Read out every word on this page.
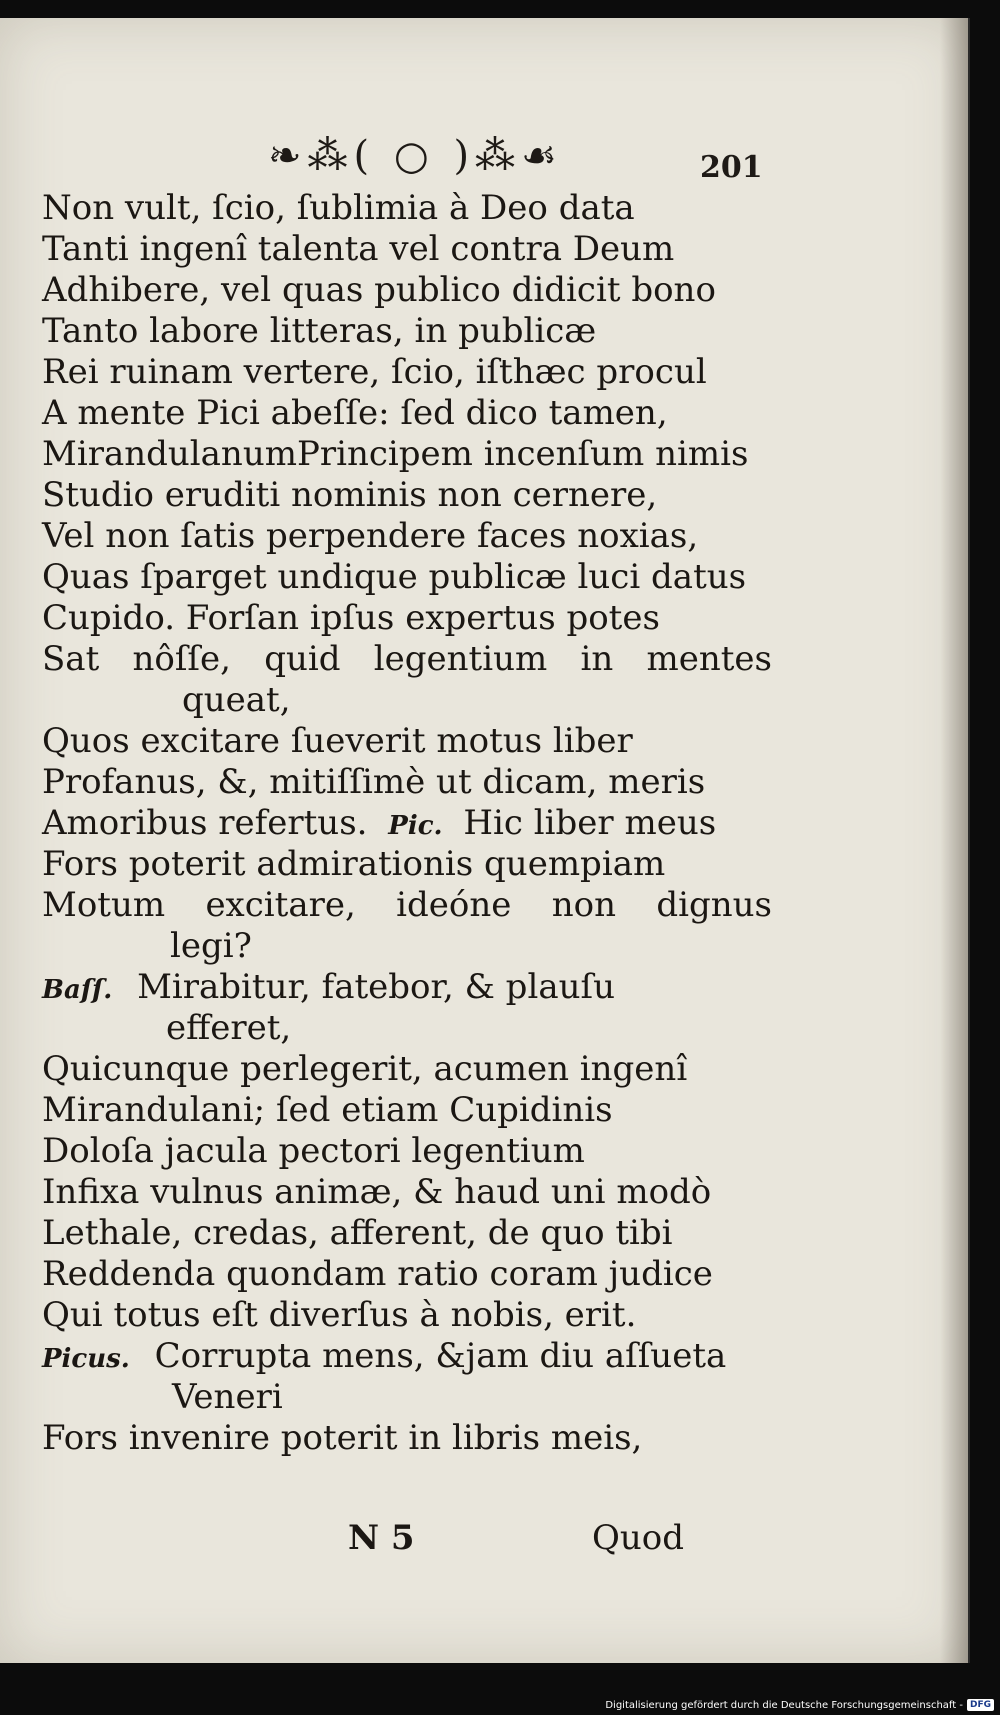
❧⁂( ○ )⁂☙	201
Non vult, ſcio, ſublimia à Deo data
Tanti ingenî talenta vel contra Deum
Adhibere, vel quas publico didicit bono
Tanto labore litteras, in publicæ
Rei ruinam vertere, ſcio, iſthæc procul
A mente Pici abeſſe: ſed dico tamen,
MirandulanumPrincipem incenſum nimis
Studio eruditi nominis non cernere,
Vel non ſatis perpendere faces noxias,
Quas ſparget undique publicæ luci datus
Cupido. Forſan ipſus expertus potes
Sat nôſſe, quid legentium in mentes
queat,
Quos excitare ſueverit motus liber
Profanus, &, mitiſſimè ut dicam, meris
Amoribus refertus. Pic. Hic liber meus
Fors poterit admirationis quempiam
Motum excitare, ideóne non dignus
legi?
Baſſ. Mirabitur, fatebor, & plauſu
efferet,
Quicunque perlegerit, acumen ingenî
Mirandulani; ſed etiam Cupidinis
Doloſa jacula pectori legentium
Infixa vulnus animæ, & haud uni modò
Lethale, credas, afferent, de quo tibi
Reddenda quondam ratio coram judice
Qui totus eſt diverſus à nobis, erit.
Picus. Corrupta mens, &jam diu aſſueta
Veneri
Fors invenire poterit in libris meis,
N 5	Quod
Digitalisierung gefördert durch die Deutsche Forschungsgemeinschaft - DFG
